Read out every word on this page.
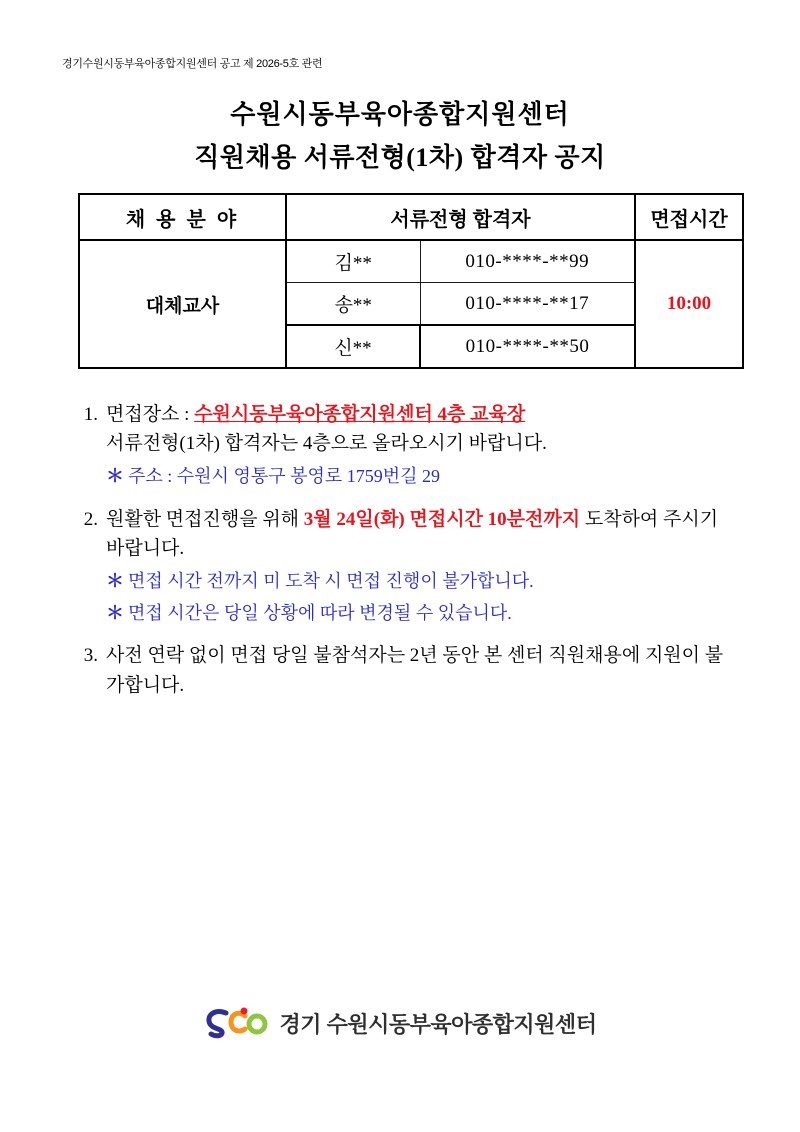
경기수원시동부육아종합지원센터 공고 제 2026-5호 관련
수원시동부육아종합지원센터
직원채용 서류전형(1차) 합격자 공지
채 용 분 야	서류전형 합격자		면접시간
대체교사	김**	010-****-**99	10:00
	송**	010-****-**17	
	신**	010-****-**50	
1. 면접장소 : 수원시동부육아종합지원센터 4층 교육장
서류전형(1차) 합격자는 4층으로 올라오시기 바랍니다.
＊ 주소 : 수원시 영통구 봉영로 1759번길 29
2. 원활한 면접진행을 위해 3월 24일(화) 면접시간 10분전까지 도착하여 주시기 바랍니다.
＊ 면접 시간 전까지 미 도착 시 면접 진행이 불가합니다.
＊ 면접 시간은 당일 상황에 따라 변경될 수 있습니다.
3. 사전 연락 없이 면접 당일 불참석자는 2년 동안 본 센터 직원채용에 지원이 불가합니다.
경기 수원시동부육아종합지원센터
